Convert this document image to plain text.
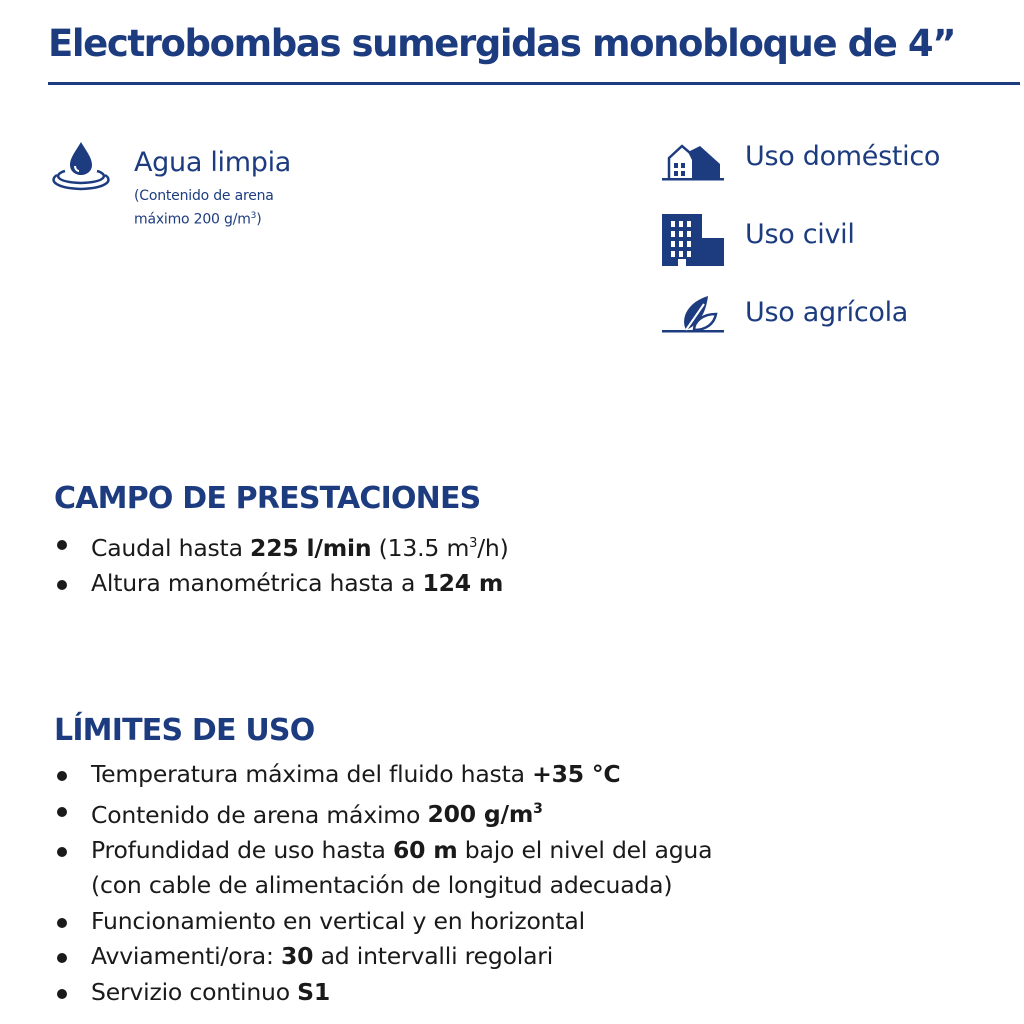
Electrobombas sumergidas monobloque de 4”
Agua limpia
(Contenido de arena
máximo 200 $g/m^3$)
Uso doméstico
Uso civil
Uso agrícola
CAMPO DE PRESTACIONES
Caudal hasta 225 l/min (13.5 $m^3/h$)
Altura manométrica hasta a 124 m
LÍMITES DE USO
Temperatura máxima del fluido hasta +35 °C
Contenido de arena máximo 200 $g/m^3$
Profundidad de uso hasta 60 m bajo el nivel del agua
(con cable de alimentación de longitud adecuada)
Funcionamiento en vertical y en horizontal
Avviamenti/ora: 30 ad intervalli regolari
Servizio continuo S1
